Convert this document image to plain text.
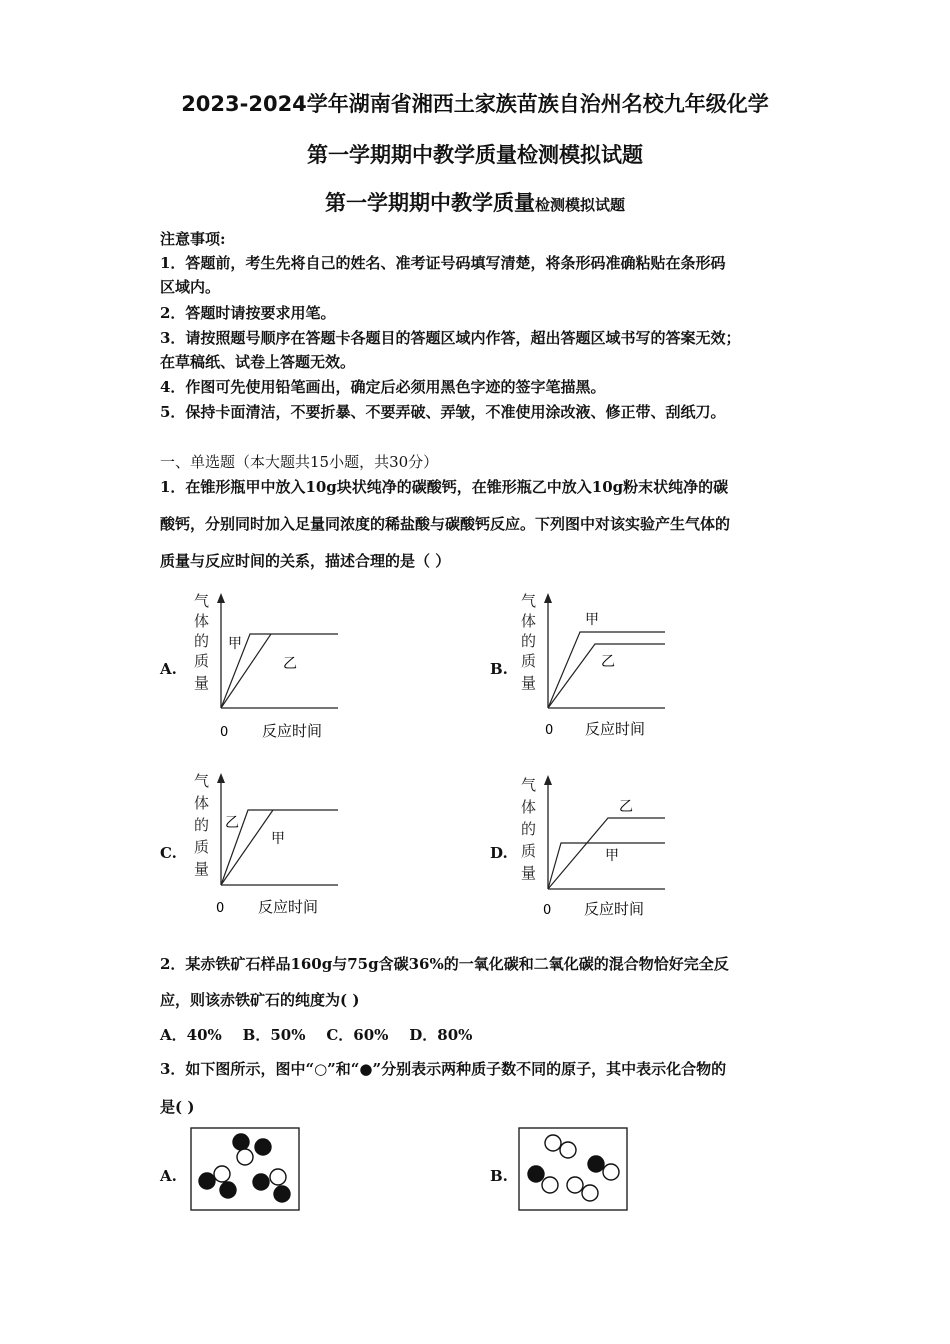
2023-2024学年湖南省湘西土家族苗族自治州名校九年级化学
第一学期期中教学质量检测模拟试题
第一学期期中教学质量检测模拟试题
注意事项:
1．答题前，考生先将自己的姓名、准考证号码填写清楚，将条形码准确粘贴在条形码
区域内。
2．答题时请按要求用笔。
3．请按照题号顺序在答题卡各题目的答题区域内作答，超出答题区域书写的答案无效；
在草稿纸、试卷上答题无效。
4．作图可先使用铅笔画出，确定后必须用黑色字迹的签字笔描黑。
5．保持卡面清洁，不要折暴、不要弄破、弄皱，不准使用涂改液、修正带、刮纸刀。
一、单选题（本大题共15小题，共30分）
1．在锥形瓶甲中放入10g块状纯净的碳酸钙，在锥形瓶乙中放入10g粉末状纯净的碳
酸钙，分别同时加入足量同浓度的稀盐酸与碳酸钙反应。下列图中对该实验产生气体的
质量与反应时间的关系，描述合理的是（ ）
A.	B.
C.	D.
气
体
的
质
量
甲
乙
0 反应时间
气
体
的
质
量
甲
乙
0 反应时间
气
体
的
质
量
乙
甲
0 反应时间
气
体
的
质
量
乙
甲
0 反应时间
2．某赤铁矿石样品160g与75g含碳36%的一氧化碳和二氧化碳的混合物恰好完全反
应，则该赤铁矿石的纯度为( )
A．40%    B．50%    C．60%    D．80%
3．如下图所示，图中“○”和“●”分别表示两种质子数不同的原子，其中表示化合物的
是( )
A.	B.
